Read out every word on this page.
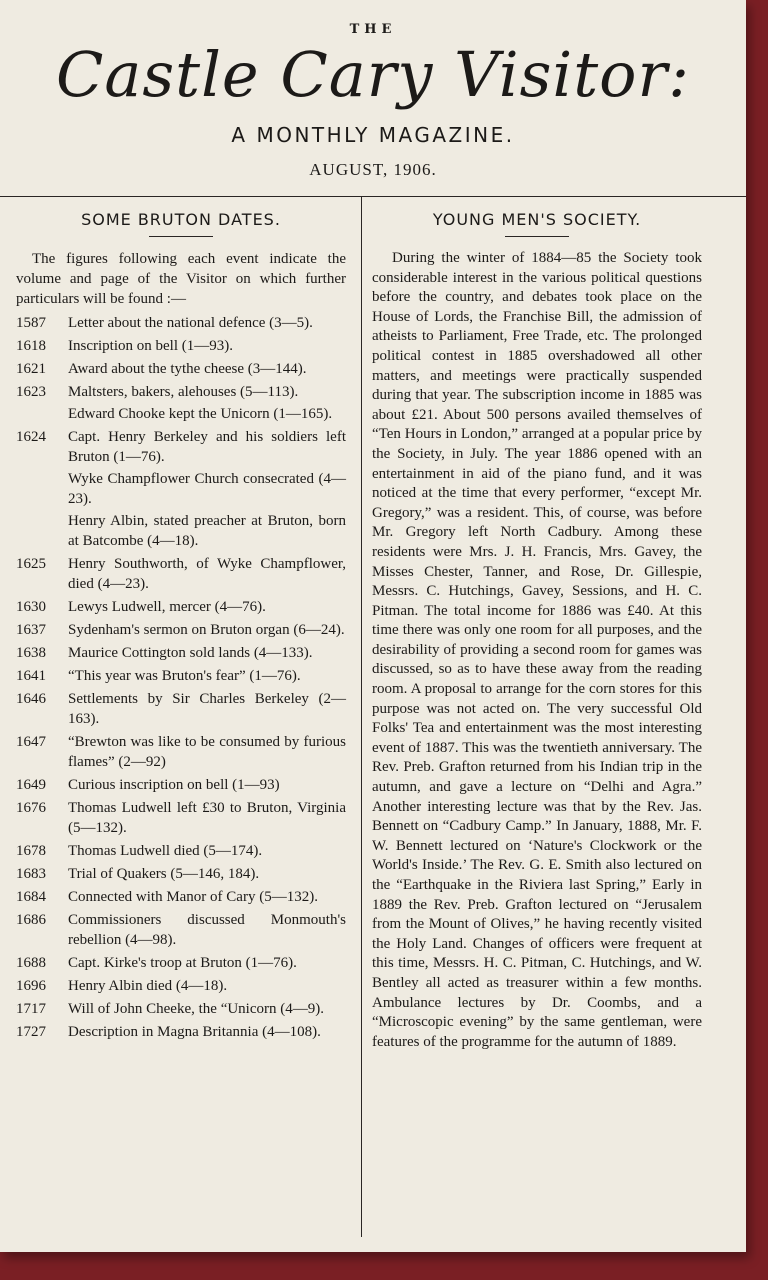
THE
Castle Cary Visitor:
A MONTHLY MAGAZINE.
AUGUST, 1906.
SOME BRUTON DATES.

The figures following each event indicate the volume and page of the Visitor on which further particulars will be found :—

1587	Letter about the national defence (3—5).
1618	Inscription on bell (1—93).
1621	Award about the tythe cheese (3—144).
1623	Maltsters, bakers, alehouses (5—113).
Edward Chooke kept the Unicorn (1—165).
1624	Capt. Henry Berkeley and his soldiers left Bruton (1—76).
Wyke Champflower Church consecrated (4—23).
Henry Albin, stated preacher at Bruton, born at Batcombe (4—18).
1625	Henry Southworth, of Wyke Champflower, died (4—23).
1630	Lewys Ludwell, mercer (4—76).
1637	Sydenham's sermon on Bruton organ (6—24).
1638	Maurice Cottington sold lands (4—133).
1641	“This year was Bruton's fear” (1—76).
1646	Settlements by Sir Charles Berkeley (2—163).
1647	“Brewton was like to be consumed by furious flames” (2—92)
1649	Curious inscription on bell (1—93)
1676	Thomas Ludwell left £30 to Bruton, Virginia (5—132).
1678	Thomas Ludwell died (5—174).
1683	Trial of Quakers (5—146, 184).
1684	Connected with Manor of Cary (5—132).
1686	Commissioners discussed Monmouth's rebellion (4—98).
1688	Capt. Kirke's troop at Bruton (1—76).
1696	Henry Albin died (4—18).
1717	Will of John Cheeke, the “Unicorn (4—9).
1727	Description in Magna Britannia (4—108).
YOUNG MEN'S SOCIETY.

During the winter of 1884—85 the Society took considerable interest in the various political questions before the country, and debates took place on the House of Lords, the Franchise Bill, the admission of atheists to Parliament, Free Trade, etc. The prolonged political contest in 1885 overshadowed all other matters, and meetings were practically suspended during that year. The subscription income in 1885 was about £21. About 500 persons availed themselves of “Ten Hours in London,” arranged at a popular price by the Society, in July. The year 1886 opened with an entertainment in aid of the piano fund, and it was noticed at the time that every performer, “except Mr. Gregory,” was a resident. This, of course, was before Mr. Gregory left North Cadbury. Among these residents were Mrs. J. H. Francis, Mrs. Gavey, the Misses Chester, Tanner, and Rose, Dr. Gillespie, Messrs. C. Hutchings, Gavey, Sessions, and H. C. Pitman. The total income for 1886 was £40. At this time there was only one room for all purposes, and the desirability of providing a second room for games was discussed, so as to have these away from the reading room. A proposal to arrange for the corn stores for this purpose was not acted on. The very successful Old Folks' Tea and entertainment was the most interesting event of 1887. This was the twentieth anniversary. The Rev. Preb. Grafton returned from his Indian trip in the autumn, and gave a lecture on “Delhi and Agra.” Another interesting lecture was that by the Rev. Jas. Bennett on “Cadbury Camp.” In January, 1888, Mr. F. W. Bennett lectured on ‘Nature's Clockwork or the World's Inside.’ The Rev. G. E. Smith also lectured on the “Earthquake in the Riviera last Spring,” Early in 1889 the Rev. Preb. Grafton lectured on “Jerusalem from the Mount of Olives,” he having recently visited the Holy Land. Changes of officers were frequent at this time, Messrs. H. C. Pitman, C. Hutchings, and W. Bentley all acted as treasurer within a few months. Ambulance lectures by Dr. Coombs, and a “Microscopic evening” by the same gentleman, were features of the programme for the autumn of 1889.
